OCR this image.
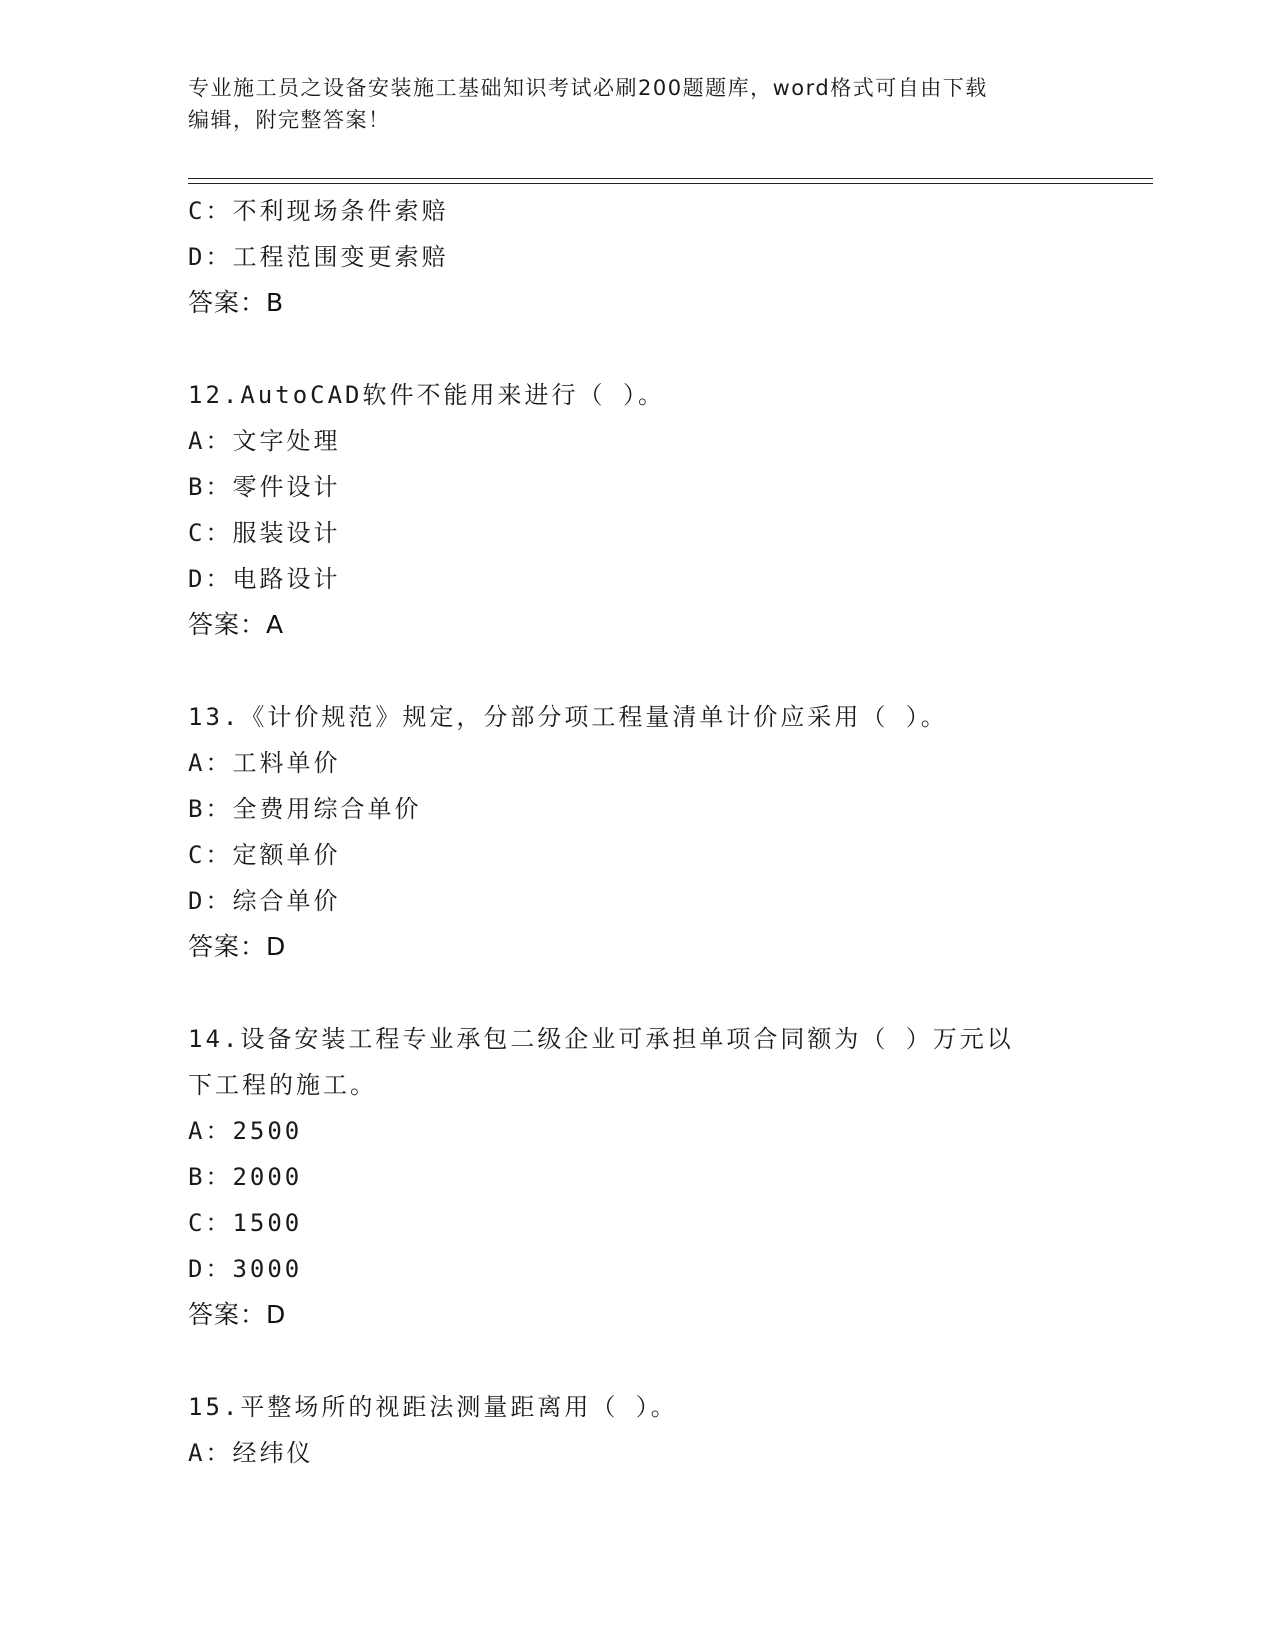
专业施工员之设备安装施工基础知识考试必刷200题题库，word格式可自由下载
编辑，附完整答案！
C：不利现场条件索赔
D：工程范围变更索赔
答案：B
12.AutoCAD软件不能用来进行（ ）。
A：文字处理
B：零件设计
C：服装设计
D：电路设计
答案：A
13.《计价规范》规定，分部分项工程量清单计价应采用（ ）。
A：工料单价
B：全费用综合单价
C：定额单价
D：综合单价
答案：D
14.设备安装工程专业承包二级企业可承担单项合同额为（ ）万元以
下工程的施工。
A：2500
B：2000
C：1500
D：3000
答案：D
15.平整场所的视距法测量距离用（ ）。
A：经纬仪
